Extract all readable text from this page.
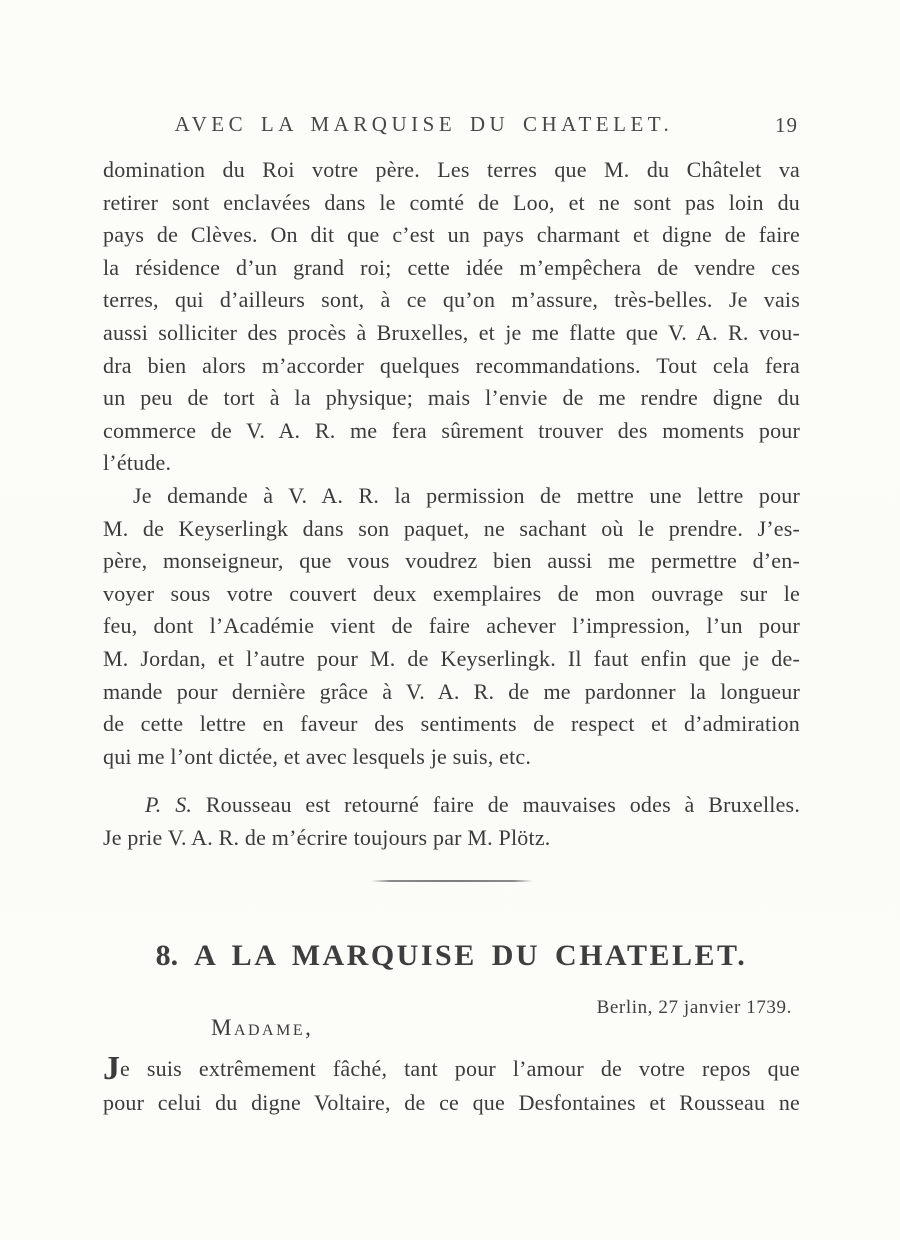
AVEC LA MARQUISE DU CHATELET.	19
domination du Roi votre père. Les terres que M. du Châtelet va
retirer sont enclavées dans le comté de Loo, et ne sont pas loin du
pays de Clèves. On dit que c’est un pays charmant et digne de faire
la résidence d’un grand roi; cette idée m’empêchera de vendre ces
terres, qui d’ailleurs sont, à ce qu’on m’assure, très-belles. Je vais
aussi solliciter des procès à Bruxelles, et je me flatte que V. A. R. vou-
dra bien alors m’accorder quelques recommandations. Tout cela fera
un peu de tort à la physique; mais l’envie de me rendre digne du
commerce de V. A. R. me fera sûrement trouver des moments pour
l’étude.
Je demande à V. A. R. la permission de mettre une lettre pour
M. de Keyserlingk dans son paquet, ne sachant où le prendre. J’es-
père, monseigneur, que vous voudrez bien aussi me permettre d’en-
voyer sous votre couvert deux exemplaires de mon ouvrage sur le
feu, dont l’Académie vient de faire achever l’impression, l’un pour
M. Jordan, et l’autre pour M. de Keyserlingk. Il faut enfin que je de-
mande pour dernière grâce à V. A. R. de me pardonner la longueur
de cette lettre en faveur des sentiments de respect et d’admiration
qui me l’ont dictée, et avec lesquels je suis, etc.
P. S. Rousseau est retourné faire de mauvaises odes à Bruxelles.
Je prie V. A. R. de m’écrire toujours par M. Plötz.
8. A LA MARQUISE DU CHATELET.
Berlin, 27 janvier 1739.
Madame,
Je suis extrêmement fâché, tant pour l’amour de votre repos que
pour celui du digne Voltaire, de ce que Desfontaines et Rousseau ne
